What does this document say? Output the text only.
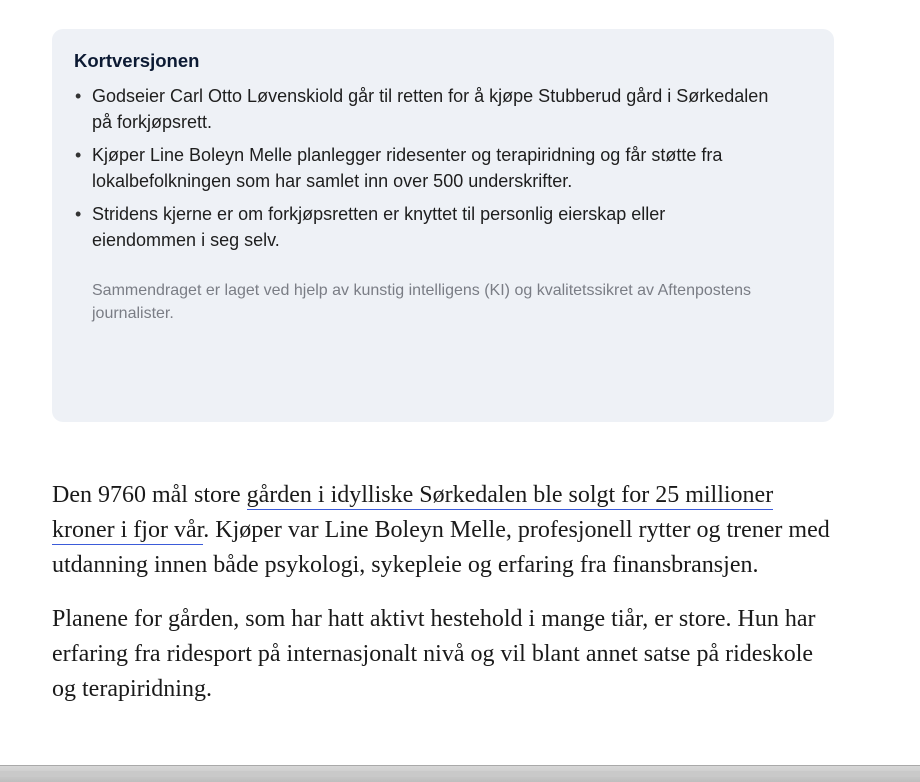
Kortversjonen
• Godseier Carl Otto Løvenskiold går til retten for å kjøpe Stubberud gård i Sørkedalen på forkjøpsrett.
• Kjøper Line Boleyn Melle planlegger ridesenter og terapiridning og får støtte fra lokalbefolkningen som har samlet inn over 500 underskrifter.
• Stridens kjerne er om forkjøpsretten er knyttet til personlig eierskap eller eiendommen i seg selv.
Sammendraget er laget ved hjelp av kunstig intelligens (KI) og kvalitetssikret av Aftenpostens journalister.

Den 9760 mål store gården i idylliske Sørkedalen ble solgt for 25 millioner kroner i fjor vår. Kjøper var Line Boleyn Melle, profesjonell rytter og trener med utdanning innen både psykologi, sykepleie og erfaring fra finansbransjen.

Planene for gården, som har hatt aktivt hestehold i mange tiår, er store. Hun har erfaring fra ridesport på internasjonalt nivå og vil blant annet satse på rideskole og terapiridning.
